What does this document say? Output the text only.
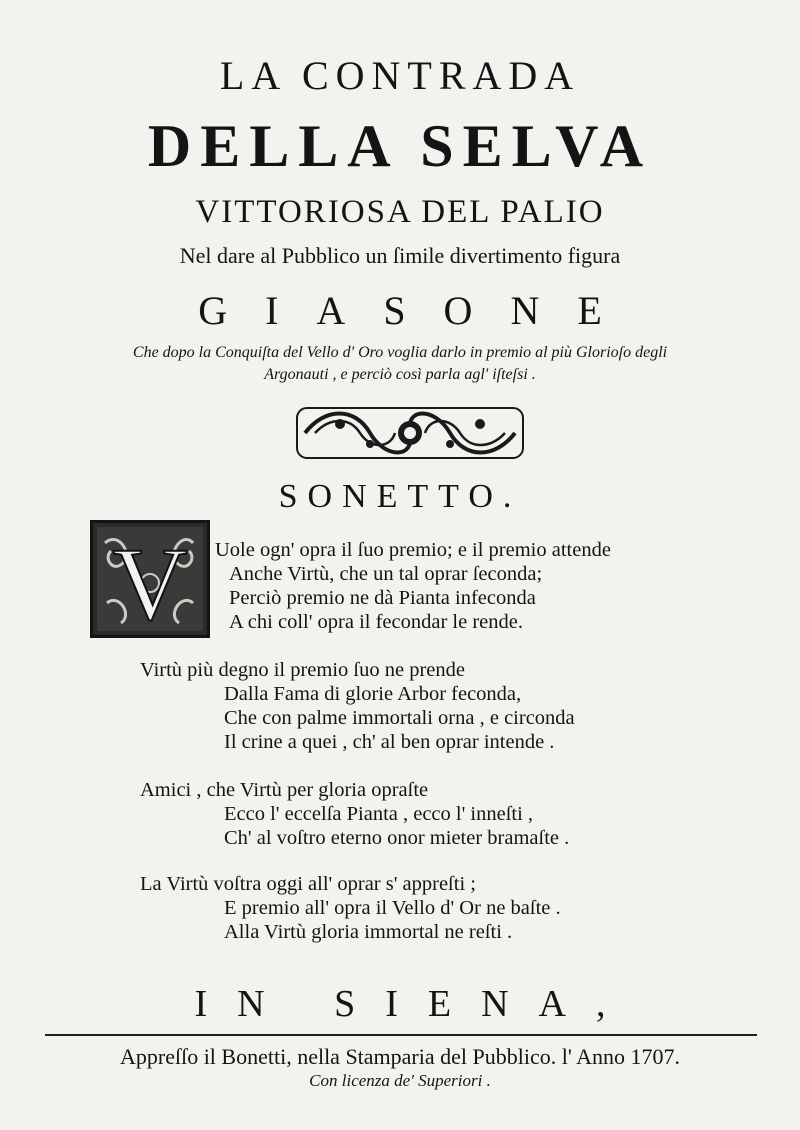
LA CONTRADA
DELLA SELVA
VITTORIOSA DEL PALIO
Nel dare al Pubblico un ſimile divertimento figura
GIASONE
Che dopo la Conquiſta del Vello d' Oro voglia darlo in premio al più Glorioſo degli
Argonauti , e perciò così parla agl' iſteſsi .
SONETTO.
V Uole ogn' opra il ſuo premio; e il premio attende
Anche Virtù, che un tal oprar ſeconda;
Perciò premio ne dà Pianta infeconda
A chi coll' opra il fecondar le rende.
Virtù più degno il premio ſuo ne prende
Dalla Fama di glorie Arbor feconda,
Che con palme immortali orna , e circonda
Il crine a quei , ch' al ben oprar intende .
Amici , che Virtù per gloria opraſte
Ecco l' eccelſa Pianta , ecco l' inneſti ,
Ch' al voſtro eterno onor mieter bramaſte .
La Virtù voſtra oggi all' oprar s' appreſti ;
E premio all' opra il Vello d' Or ne baſte .
Alla Virtù gloria immortal ne reſti .
IN SIENA,
Appreſſo il Bonetti, nella Stamparia del Pubblico. l' Anno 1707.
Con licenza de' Superiori .
